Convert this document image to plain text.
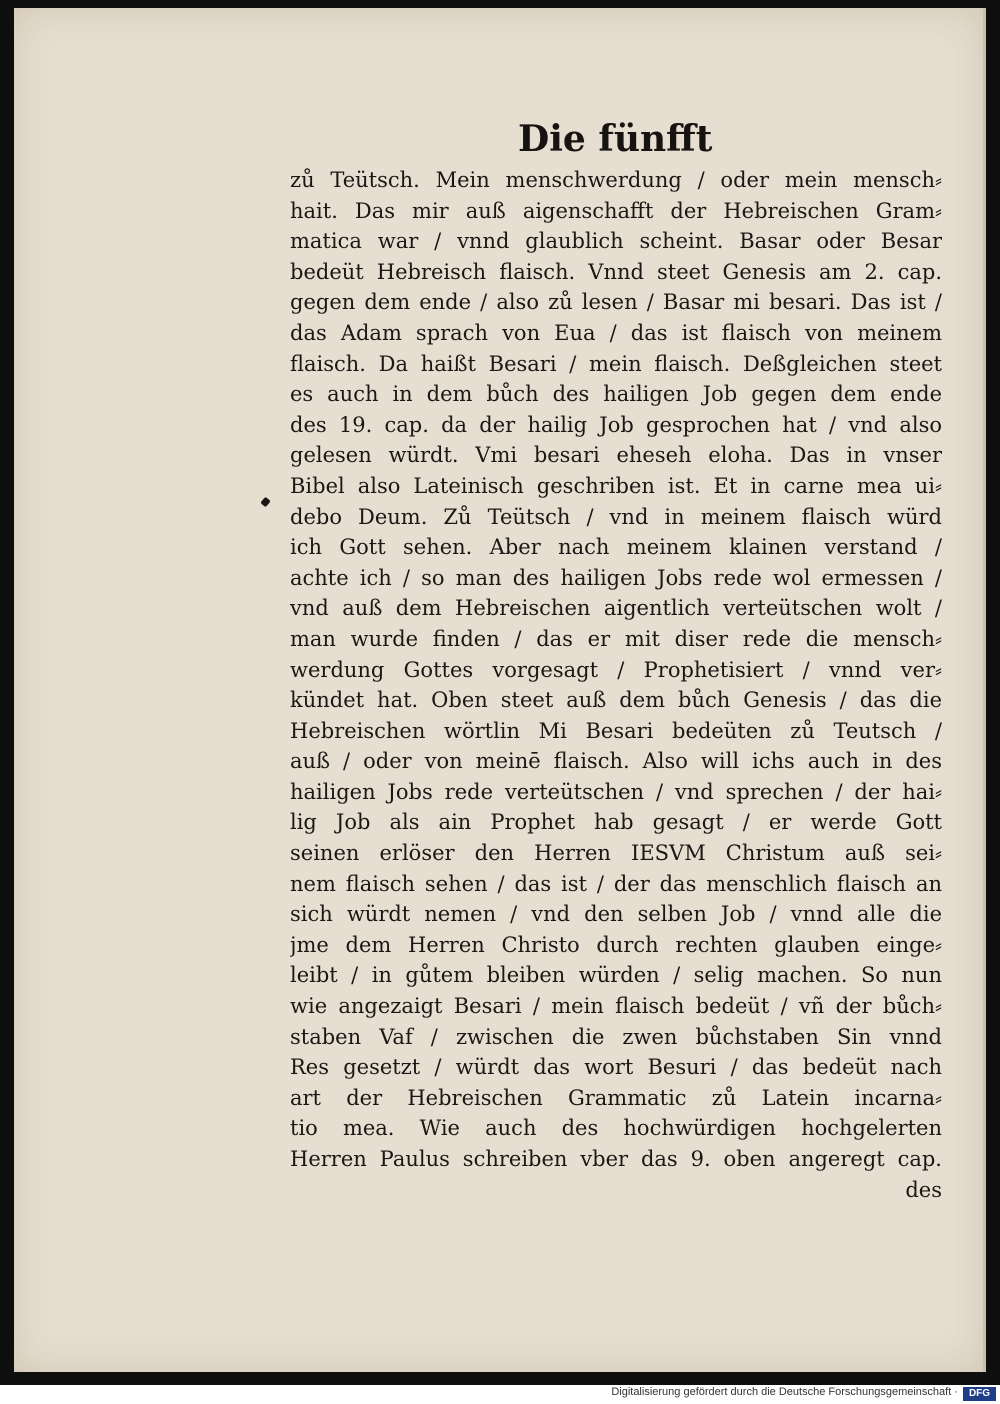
Die fünfft
zů Teütsch. Mein menschwerdung / oder mein mensch⸗
hait. Das mir auß aigenschafft der Hebreischen Gram⸗
matica war / vnnd glaublich scheint. Basar oder Besar
bedeüt Hebreisch flaisch. Vnnd steet Genesis am 2. cap.
gegen dem ende / also zů lesen / Basar mi besari. Das ist /
das Adam sprach von Eua / das ist flaisch von meinem
flaisch. Da haißt Besari / mein flaisch. Deßgleichen steet
es auch in dem bůch des hailigen Job gegen dem ende
des 19. cap. da der hailig Job gesprochen hat / vnd also
gelesen würdt. Vmi besari eheseh eloha. Das in vnser
Bibel also Lateinisch geschriben ist. Et in carne mea ui⸗
debo Deum. Zů Teütsch / vnd in meinem flaisch würd
ich Gott sehen. Aber nach meinem klainen verstand /
achte ich / so man des hailigen Jobs rede wol ermessen /
vnd auß dem Hebreischen aigentlich verteütschen wolt /
man wurde finden / das er mit diser rede die mensch⸗
werdung Gottes vorgesagt / Prophetisiert / vnnd ver⸗
kündet hat. Oben steet auß dem bůch Genesis / das die
Hebreischen wörtlin Mi Besari bedeüten zů Teutsch /
auß / oder von meinē flaisch. Also will ichs auch in des
hailigen Jobs rede verteütschen / vnd sprechen / der hai⸗
lig Job als ain Prophet hab gesagt / er werde Gott
seinen erlöser den Herren IESVM Christum auß sei⸗
nem flaisch sehen / das ist / der das menschlich flaisch an
sich würdt nemen / vnd den selben Job / vnnd alle die
jme dem Herren Christo durch rechten glauben einge⸗
leibt / in gůtem bleiben würden / selig machen. So nun
wie angezaigt Besari / mein flaisch bedeüt / vñ der bůch⸗
staben Vaf / zwischen die zwen bůchstaben Sin vnnd
Res gesetzt / würdt das wort Besuri / das bedeüt nach
art der Hebreischen Grammatic zů Latein incarna⸗
tio mea. Wie auch des hochwürdigen hochgelerten
Herren Paulus schreiben vber das 9. oben angeregt cap.
des
Digitalisierung gefördert durch die Deutsche Forschungsgemeinschaft ·	DFG
